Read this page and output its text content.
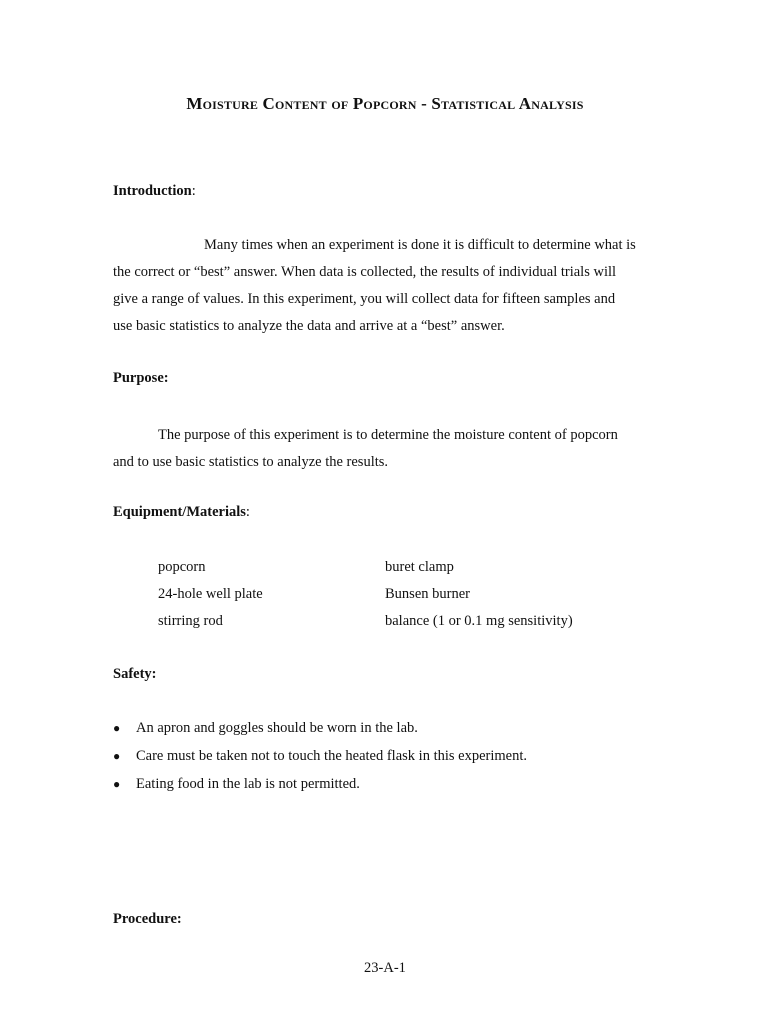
Moisture Content of Popcorn - Statistical Analysis
Introduction:
Many times when an experiment is done it is difficult to determine what is
the correct or “best” answer. When data is collected, the results of individual trials will
give a range of values. In this experiment, you will collect data for fifteen samples and
use basic statistics to analyze the data and arrive at a “best” answer.
Purpose:
The purpose of this experiment is to determine the moisture content of popcorn
and to use basic statistics to analyze the results.
Equipment/Materials:
popcorn	buret clamp
24-hole well plate	Bunsen burner
stirring rod	balance (1 or 0.1 mg sensitivity)
Safety:
●	An apron and goggles should be worn in the lab.
●	Care must be taken not to touch the heated flask in this experiment.
●	Eating food in the lab is not permitted.
Procedure:
23-A-1
